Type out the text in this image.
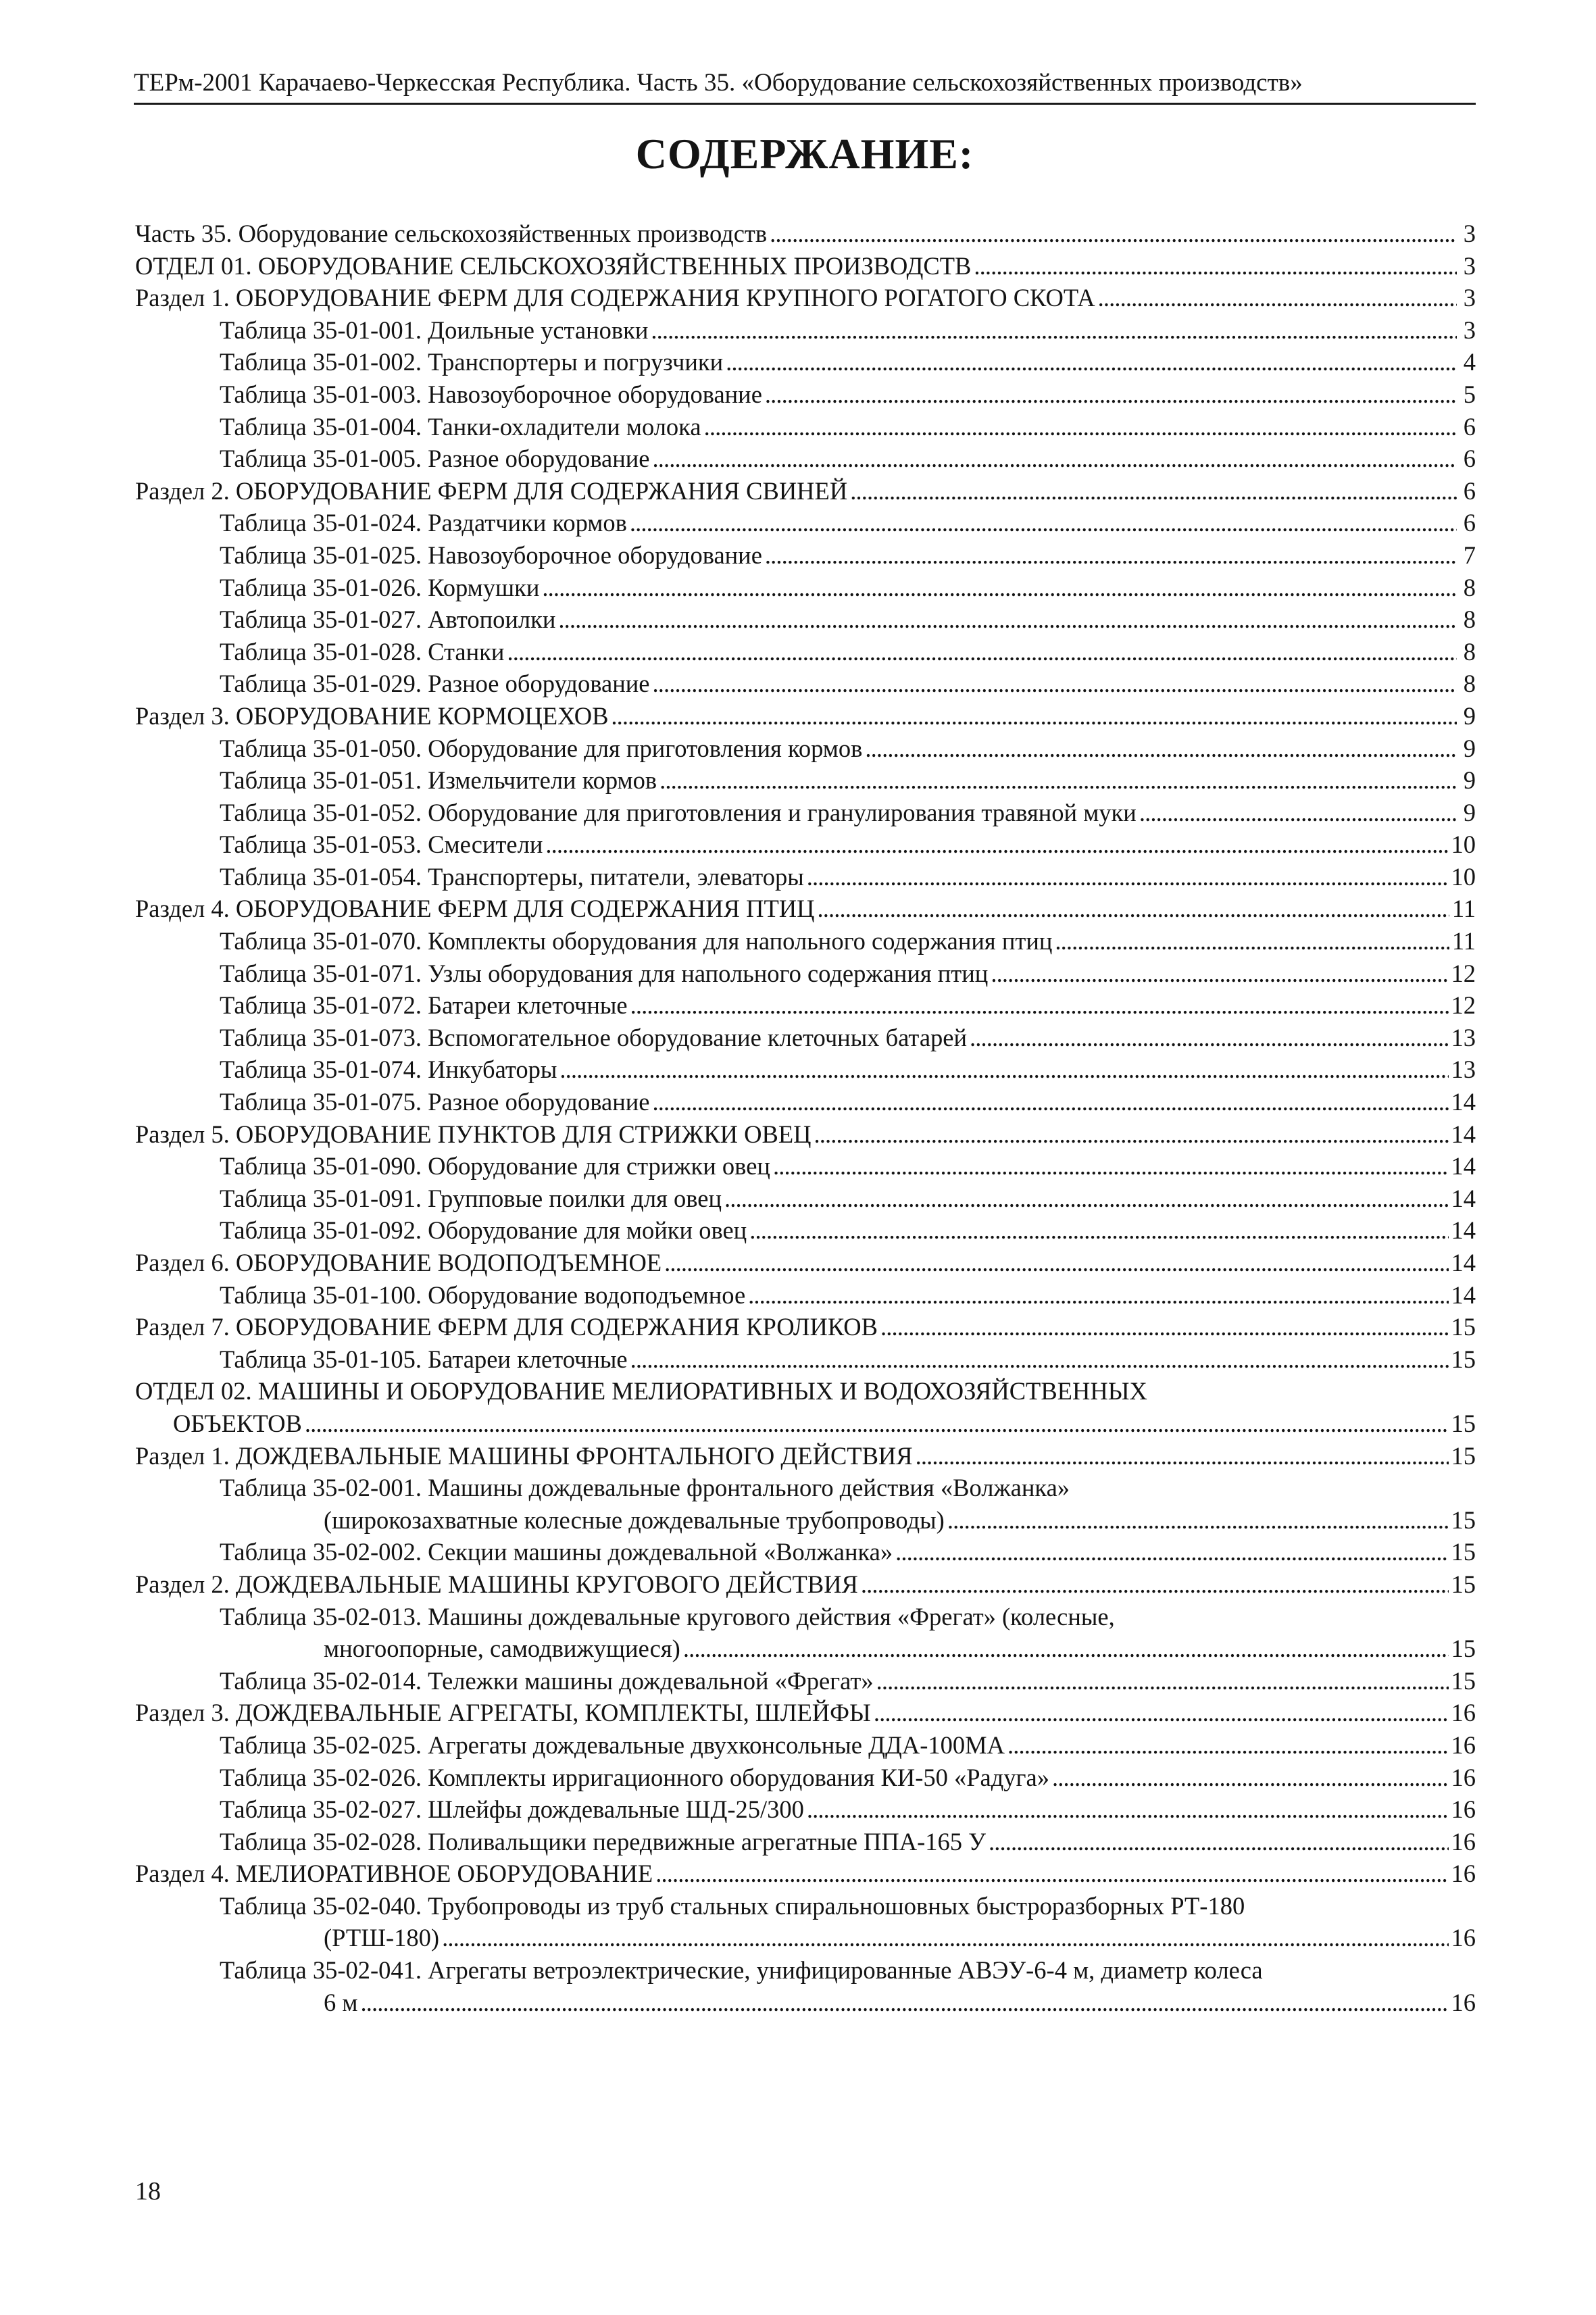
ТЕРм-2001 Карачаево-Черкесская Республика. Часть 35. «Оборудование сельскохозяйственных производств»
СОДЕРЖАНИЕ:
Часть 35. Оборудование сельскохозяйственных производств . . .	3
ОТДЕЛ 01. ОБОРУДОВАНИЕ СЕЛЬСКОХОЗЯЙСТВЕННЫХ ПРОИЗВОДСТВ . . .	3
Раздел 1. ОБОРУДОВАНИЕ ФЕРМ ДЛЯ СОДЕРЖАНИЯ КРУПНОГО РОГАТОГО СКОТА . . .	3
Таблица 35-01-001. Доильные установки . . .	3
Таблица 35-01-002. Транспортеры и погрузчики . . .	4
Таблица 35-01-003. Навозоуборочное оборудование . . .	5
Таблица 35-01-004. Танки-охладители молока . . .	6
Таблица 35-01-005. Разное оборудование . . .	6
Раздел 2. ОБОРУДОВАНИЕ ФЕРМ ДЛЯ СОДЕРЖАНИЯ СВИНЕЙ . . .	6
Таблица 35-01-024. Раздатчики кормов . . .	6
Таблица 35-01-025. Навозоуборочное оборудование . . .	7
Таблица 35-01-026. Кормушки . . .	8
Таблица 35-01-027. Автопоилки . . .	8
Таблица 35-01-028. Станки . . .	8
Таблица 35-01-029. Разное оборудование . . .	8
Раздел 3. ОБОРУДОВАНИЕ КОРМОЦЕХОВ . . .	9
Таблица 35-01-050. Оборудование для приготовления кормов . . .	9
Таблица 35-01-051. Измельчители кормов . . .	9
Таблица 35-01-052. Оборудование для приготовления и гранулирования травяной муки . . .	9
Таблица 35-01-053. Смесители . . .	10
Таблица 35-01-054. Транспортеры, питатели, элеваторы . . .	10
Раздел 4. ОБОРУДОВАНИЕ ФЕРМ ДЛЯ СОДЕРЖАНИЯ ПТИЦ . . .	11
Таблица 35-01-070. Комплекты оборудования для напольного содержания птиц . . .	11
Таблица 35-01-071. Узлы оборудования для напольного содержания птиц . . .	12
Таблица 35-01-072. Батареи клеточные . . .	12
Таблица 35-01-073. Вспомогательное оборудование клеточных батарей . . .	13
Таблица 35-01-074. Инкубаторы . . .	13
Таблица 35-01-075. Разное оборудование . . .	14
Раздел 5. ОБОРУДОВАНИЕ ПУНКТОВ ДЛЯ СТРИЖКИ ОВЕЦ . . .	14
Таблица 35-01-090. Оборудование для стрижки овец . . .	14
Таблица 35-01-091. Групповые поилки для овец . . .	14
Таблица 35-01-092. Оборудование для мойки овец . . .	14
Раздел 6. ОБОРУДОВАНИЕ ВОДОПОДЪЕМНОЕ . . .	14
Таблица 35-01-100. Оборудование водоподъемное . . .	14
Раздел 7. ОБОРУДОВАНИЕ ФЕРМ ДЛЯ СОДЕРЖАНИЯ КРОЛИКОВ . . .	15
Таблица 35-01-105. Батареи клеточные . . .	15
ОТДЕЛ 02. МАШИНЫ И ОБОРУДОВАНИЕ МЕЛИОРАТИВНЫХ И ВОДОХОЗЯЙСТВЕННЫХ
ОБЪЕКТОВ . . .	15
Раздел 1. ДОЖДЕВАЛЬНЫЕ МАШИНЫ ФРОНТАЛЬНОГО ДЕЙСТВИЯ . . .	15
Таблица 35-02-001. Машины дождевальные фронтального действия «Волжанка»
(широкозахватные колесные дождевальные трубопроводы) . . .	15
Таблица 35-02-002. Секции машины дождевальной «Волжанка» . . .	15
Раздел 2. ДОЖДЕВАЛЬНЫЕ МАШИНЫ КРУГОВОГО ДЕЙСТВИЯ . . .	15
Таблица 35-02-013. Машины дождевальные кругового действия «Фрегат» (колесные,
многоопорные, самодвижущиеся) . . .	15
Таблица 35-02-014. Тележки машины дождевальной «Фрегат» . . .	15
Раздел 3. ДОЖДЕВАЛЬНЫЕ АГРЕГАТЫ, КОМПЛЕКТЫ, ШЛЕЙФЫ . . .	16
Таблица 35-02-025. Агрегаты дождевальные двухконсольные ДДА-100МА . . .	16
Таблица 35-02-026. Комплекты ирригационного оборудования КИ-50 «Радуга» . . .	16
Таблица 35-02-027. Шлейфы дождевальные ШД-25/300 . . .	16
Таблица 35-02-028. Поливальщики передвижные агрегатные ППА-165 У . . .	16
Раздел 4. МЕЛИОРАТИВНОЕ ОБОРУДОВАНИЕ . . .	16
Таблица 35-02-040. Трубопроводы из труб стальных спиральношовных быстроразборных РТ-180
(РТШ-180) . . .	16
Таблица 35-02-041. Агрегаты ветроэлектрические, унифицированные АВЭУ-6-4 м, диаметр колеса
6 м . . .	16
18
